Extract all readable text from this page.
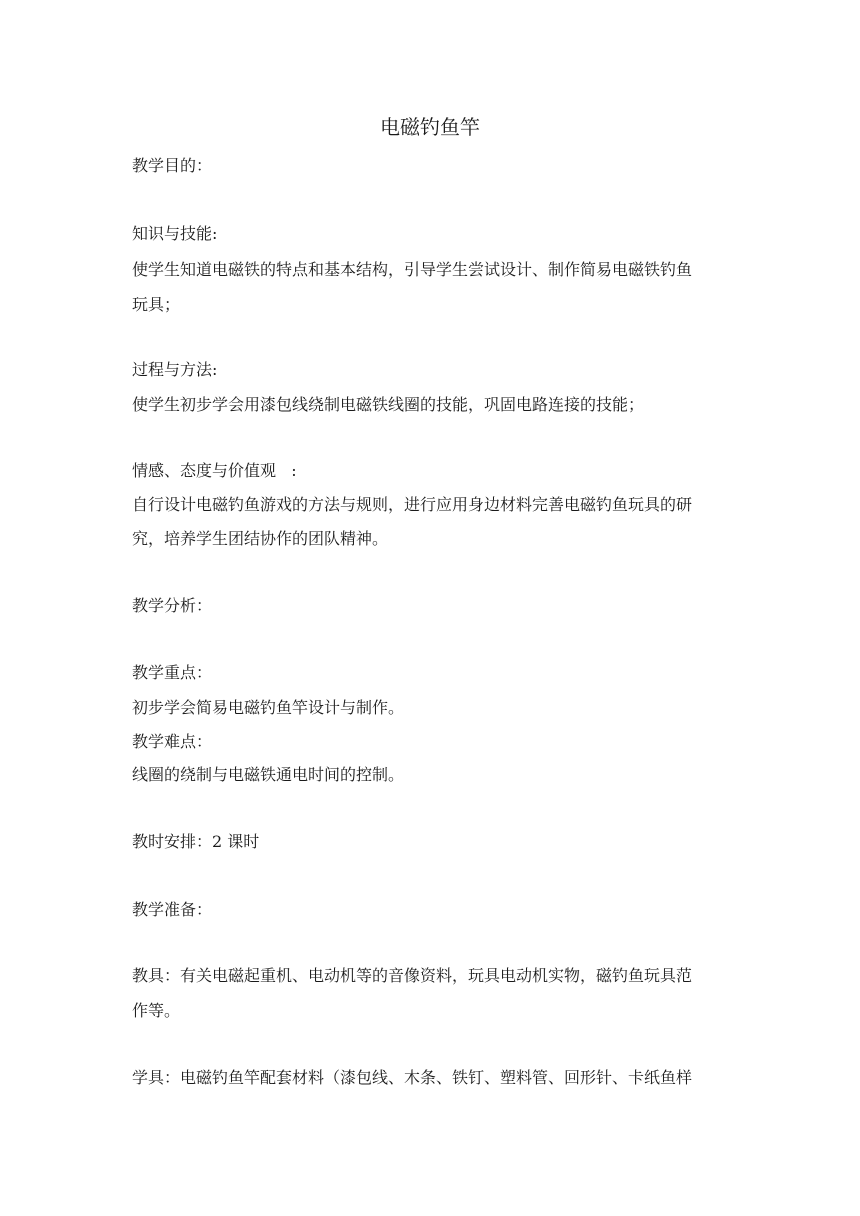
电磁钓鱼竿
教学目的：
知识与技能:
使学生知道电磁铁的特点和基本结构，引导学生尝试设计、制作简易电磁铁钓鱼
玩具；
过程与方法:
使学生初步学会用漆包线绕制电磁铁线圈的技能，巩固电路连接的技能；
情感、态度与价值观   :
自行设计电磁钓鱼游戏的方法与规则，进行应用身边材料完善电磁钓鱼玩具的研
究，培养学生团结协作的团队精神。
教学分析：
教学重点：
初步学会简易电磁钓鱼竿设计与制作。
教学难点：
线圈的绕制与电磁铁通电时间的控制。
教时安排：2 课时
教学准备：
教具：有关电磁起重机、电动机等的音像资料，玩具电动机实物，磁钓鱼玩具范
作等。
学具：电磁钓鱼竿配套材料（漆包线、木条、铁钉、塑料管、回形针、卡纸鱼样
